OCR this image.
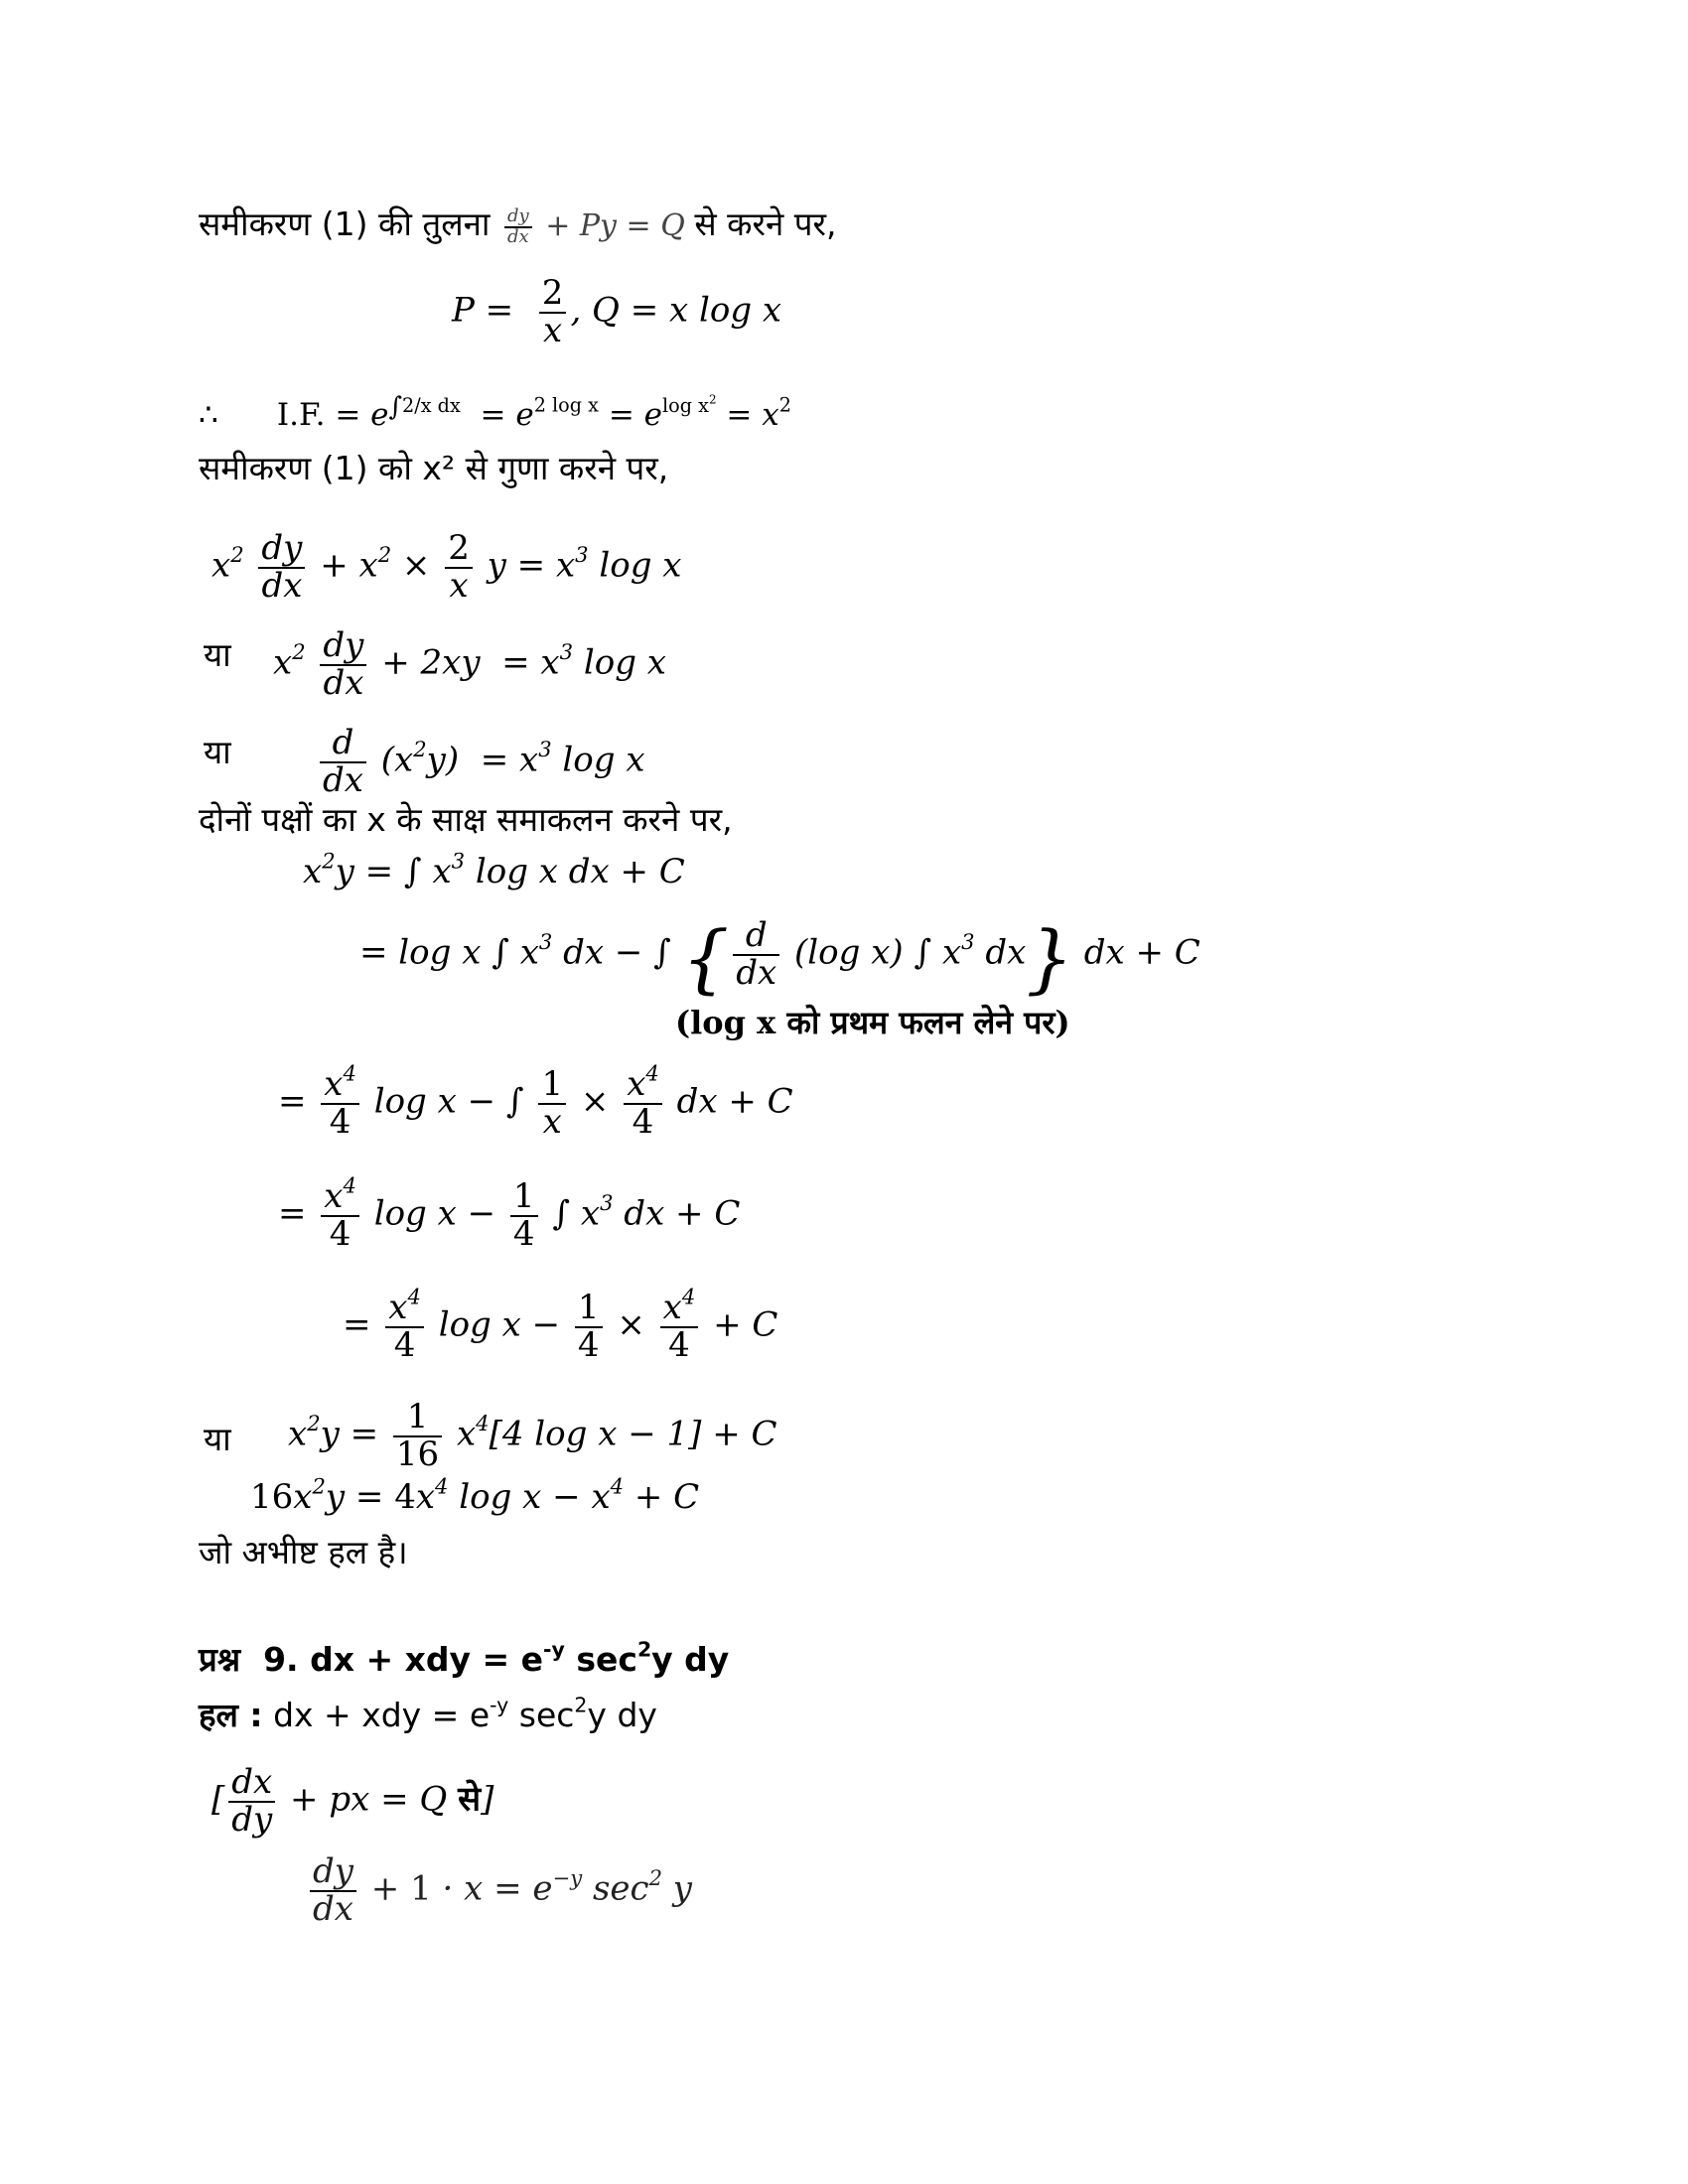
समीकरण (1) की तुलना $\frac{dy}{dx} + Py = Q$ से करने पर,
$P = \frac{2}{x}$ , Q = x log x
∴      I.F. = $e^{\int 2/x dx} = e^{2 log x} = e^{log x^2} = x^2$
समीकरण (1) को x² से गुणा करने पर,
$x^2 \frac{dy}{dx} + x^2 \times \frac{2}{x}$ $y = x^3$ log x
या $x^2 \frac{dy}{dx} + 2xy = x^3$ log x
या	$\frac{d}{dx} (x^2y) = x^3$ log x
दोनों पक्षों का x के साक्ष समाकलन करने पर,
$x^2y$ = ∫ $x^3$ log x dx + C
= log x ∫ $x^3$ dx − ∫ { $\frac{d}{dx} (\log$ x) ∫ $x^3$ dx} dx + C
(log x को प्रथम फलन लेने पर)
= $\frac{x^4}{4}$ log x − ∫ $\frac{1}{x} \times \frac{x^4}{4}$ dx + C
= $\frac{x^4}{4}$ $\log x - \frac{1}{4}$ ∫ $x^3$ dx + C
= $\frac{x^4}{4}$ $\log x - \frac{1}{4} \times \frac{x^4}{4} + C$
या $x^2y = \frac{1}{16} x^4[4$ log x − 1] + C
$16x^2y = 4x^4$ $\log x - x^4 + C$
जो अभीष्ट हल है।
प्रश्न  9. dx + xdy = $e^{-y}$ $\sec^2y$ dy
हल : dx + xdy = $e^{-y}$ $\sec^2y$ dy
[ $\frac{dx}{dy}$ + px = Q से]
$\frac{dy}{dx} + 1 \cdot x = e^{-y}$ $\sec^2 y$
